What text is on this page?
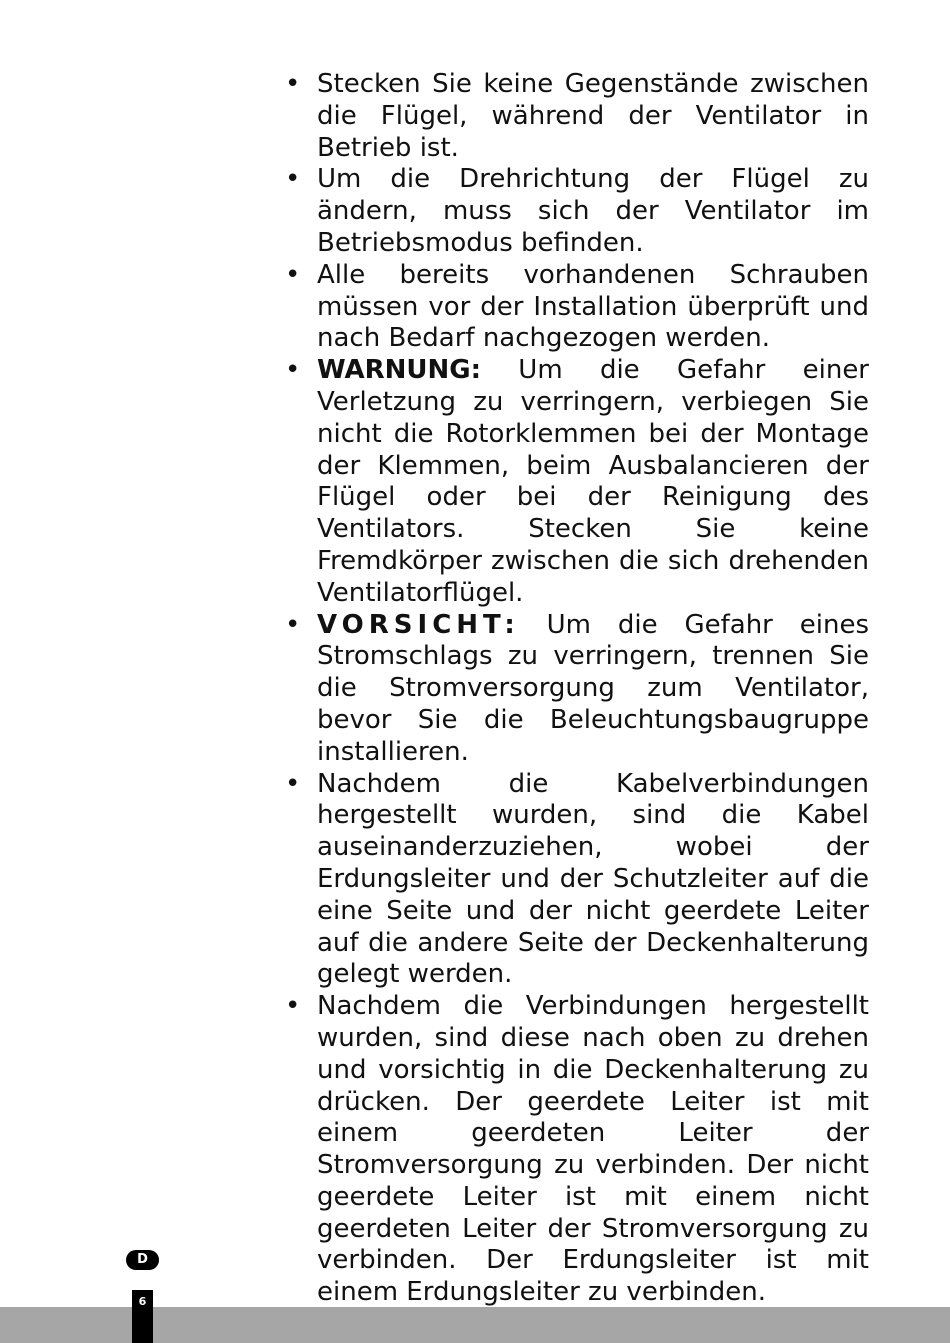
• Stecken Sie keine Gegenstände zwischen die Flügel, während der Ventilator in Betrieb ist.
• Um die Drehrichtung der Flügel zu ändern, muss sich der Ventilator im Betriebsmodus befinden.
• Alle bereits vorhandenen Schrauben müssen vor der Installation überprüft und nach Bedarf nachgezogen werden.
• WARNUNG: Um die Gefahr einer Verletzung zu verringern, verbiegen Sie nicht die Rotorklemmen bei der Montage der Klemmen, beim Ausbalancieren der Flügel oder bei der Reinigung des Ventilators. Stecken Sie keine Fremdkörper zwischen die sich drehenden Ventilatorflügel.
• VORSICHT: Um die Gefahr eines Stromschlags zu verringern, trennen Sie die Stromversorgung zum Ventilator, bevor Sie die Beleuchtungsbaugruppe installieren.
• Nachdem die Kabelverbindungen hergestellt wurden, sind die Kabel auseinanderzuziehen, wobei der Erdungsleiter und der Schutzleiter auf die eine Seite und der nicht geerdete Leiter auf die andere Seite der Deckenhalterung gelegt werden.
• Nachdem die Verbindungen hergestellt wurden, sind diese nach oben zu drehen und vorsichtig in die Deckenhalterung zu drücken. Der geerdete Leiter ist mit einem geerdeten Leiter der Stromversorgung zu verbinden. Der nicht geerdete Leiter ist mit einem nicht geerdeten Leiter der Stromversorgung zu verbinden. Der Erdungsleiter ist mit einem Erdungsleiter zu verbinden.
D
6
